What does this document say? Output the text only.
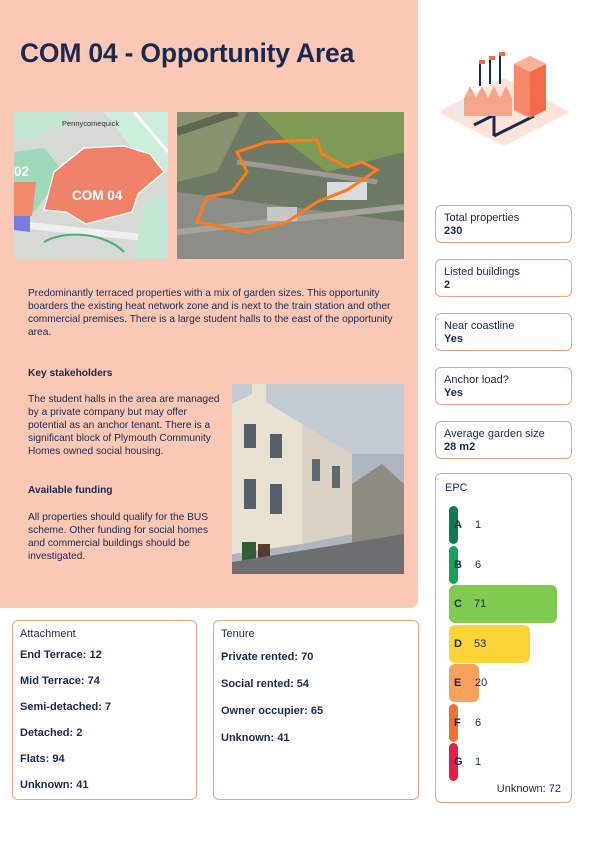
COM 04 - Opportunity Area
Pennycomequick
02
COM 04
Predominantly terraced properties with a mix of garden sizes. This opportunity boarders the existing heat network zone and is next to the train station and other commercial premises. There is a large student halls to the east of the opportunity area.
Key stakeholders
The student halls in the area are managed by a private company but may offer potential as an anchor tenant. There is a significant block of Plymouth Community Homes owned social housing.
Available funding
All properties should qualify for the BUS scheme. Other funding for social homes and commercial buildings should be investigated.
Total properties
230
Listed buildings
2
Near coastline
Yes
Anchor load?
Yes
Average garden size
28 m2
EPC
A 1
B 6
C 71
D 53
E 20
F 6
G 1
Unknown: 72
Attachment
End Terrace: 12
Mid Terrace: 74
Semi-detached: 7
Detached: 2
Flats: 94
Unknown: 41
Tenure
Private rented: 70
Social rented: 54
Owner occupier: 65
Unknown: 41
